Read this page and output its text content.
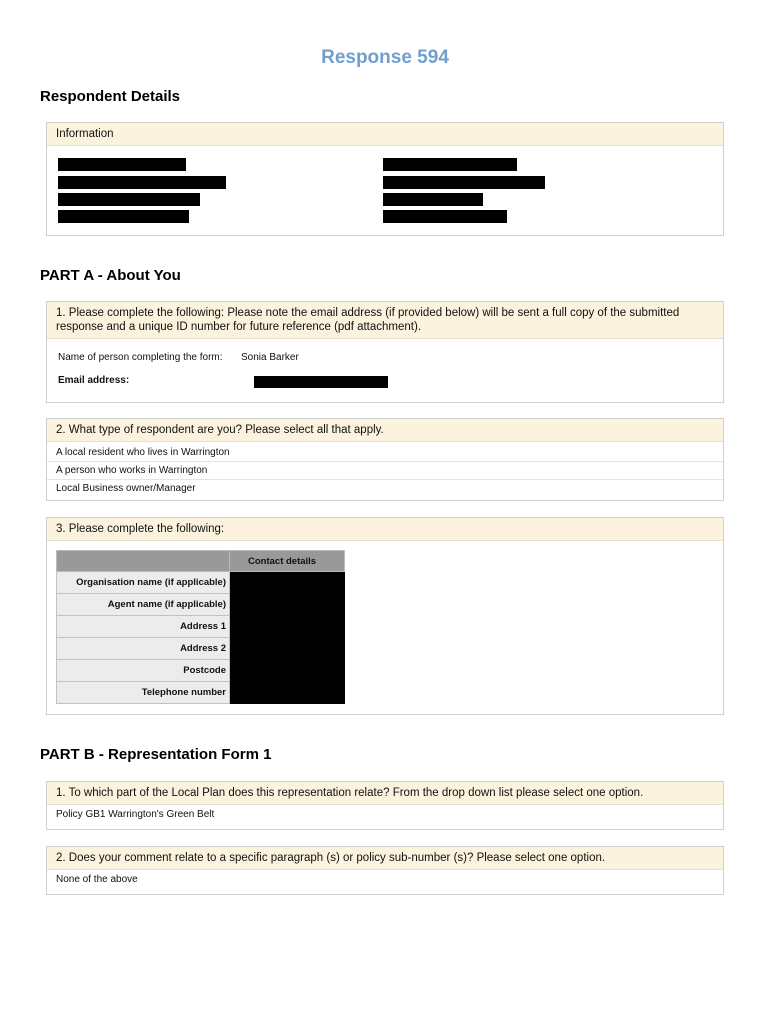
Response 594
Respondent Details
Information
PART A - About You
1. Please complete the following: Please note the email address (if provided below) will be sent a full copy of the submitted response and a unique ID number for future reference (pdf attachment).
Name of person completing the form: Sonia Barker
Email address:
2. What type of respondent are you? Please select all that apply.
A local resident who lives in Warrington
A person who works in Warrington
Local Business owner/Manager
3. Please complete the following:
	Contact details
Organisation name (if applicable)	
Agent name (if applicable)	
Address 1	
Address 2	
Postcode	
Telephone number	
PART B - Representation Form 1
1. To which part of the Local Plan does this representation relate? From the drop down list please select one option.
Policy GB1 Warrington's Green Belt
2. Does your comment relate to a specific paragraph (s) or policy sub-number (s)? Please select one option.
None of the above
